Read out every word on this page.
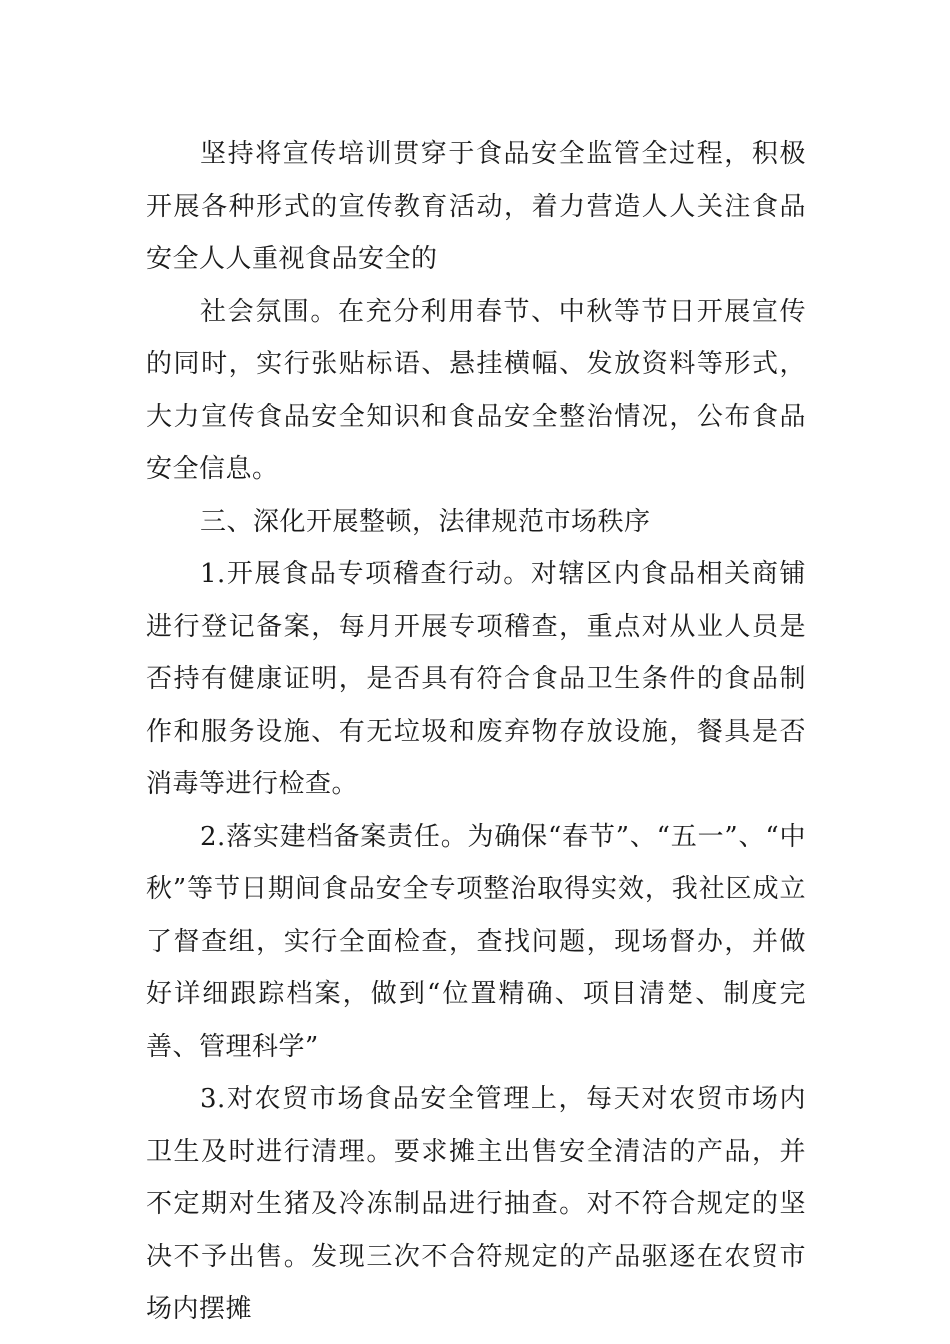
坚持将宣传培训贯穿于食品安全监管全过程，积极开展各种形式的宣传教育活动，着力营造人人关注食品安全人人重视食品安全的

社会氛围。在充分利用春节、中秋等节日开展宣传的同时，实行张贴标语、悬挂横幅、发放资料等形式，大力宣传食品安全知识和食品安全整治情况，公布食品安全信息。

三、深化开展整顿，法律规范市场秩序

1.开展食品专项稽查行动。对辖区内食品相关商铺进行登记备案，每月开展专项稽查，重点对从业人员是否持有健康证明，是否具有符合食品卫生条件的食品制作和服务设施、有无垃圾和废弃物存放设施，餐具是否消毒等进行检查。

2.落实建档备案责任。为确保“春节”、“五一”、“中秋”等节日期间食品安全专项整治取得实效，我社区成立了督查组，实行全面检查，查找问题，现场督办，并做好详细跟踪档案，做到“位置精确、项目清楚、制度完善、管理科学”

3.对农贸市场食品安全管理上，每天对农贸市场内卫生及时进行清理。要求摊主出售安全清洁的产品，并不定期对生猪及冷冻制品进行抽查。对不符合规定的坚决不予出售。发现三次不合符规定的产品驱逐在农贸市场内摆摊
